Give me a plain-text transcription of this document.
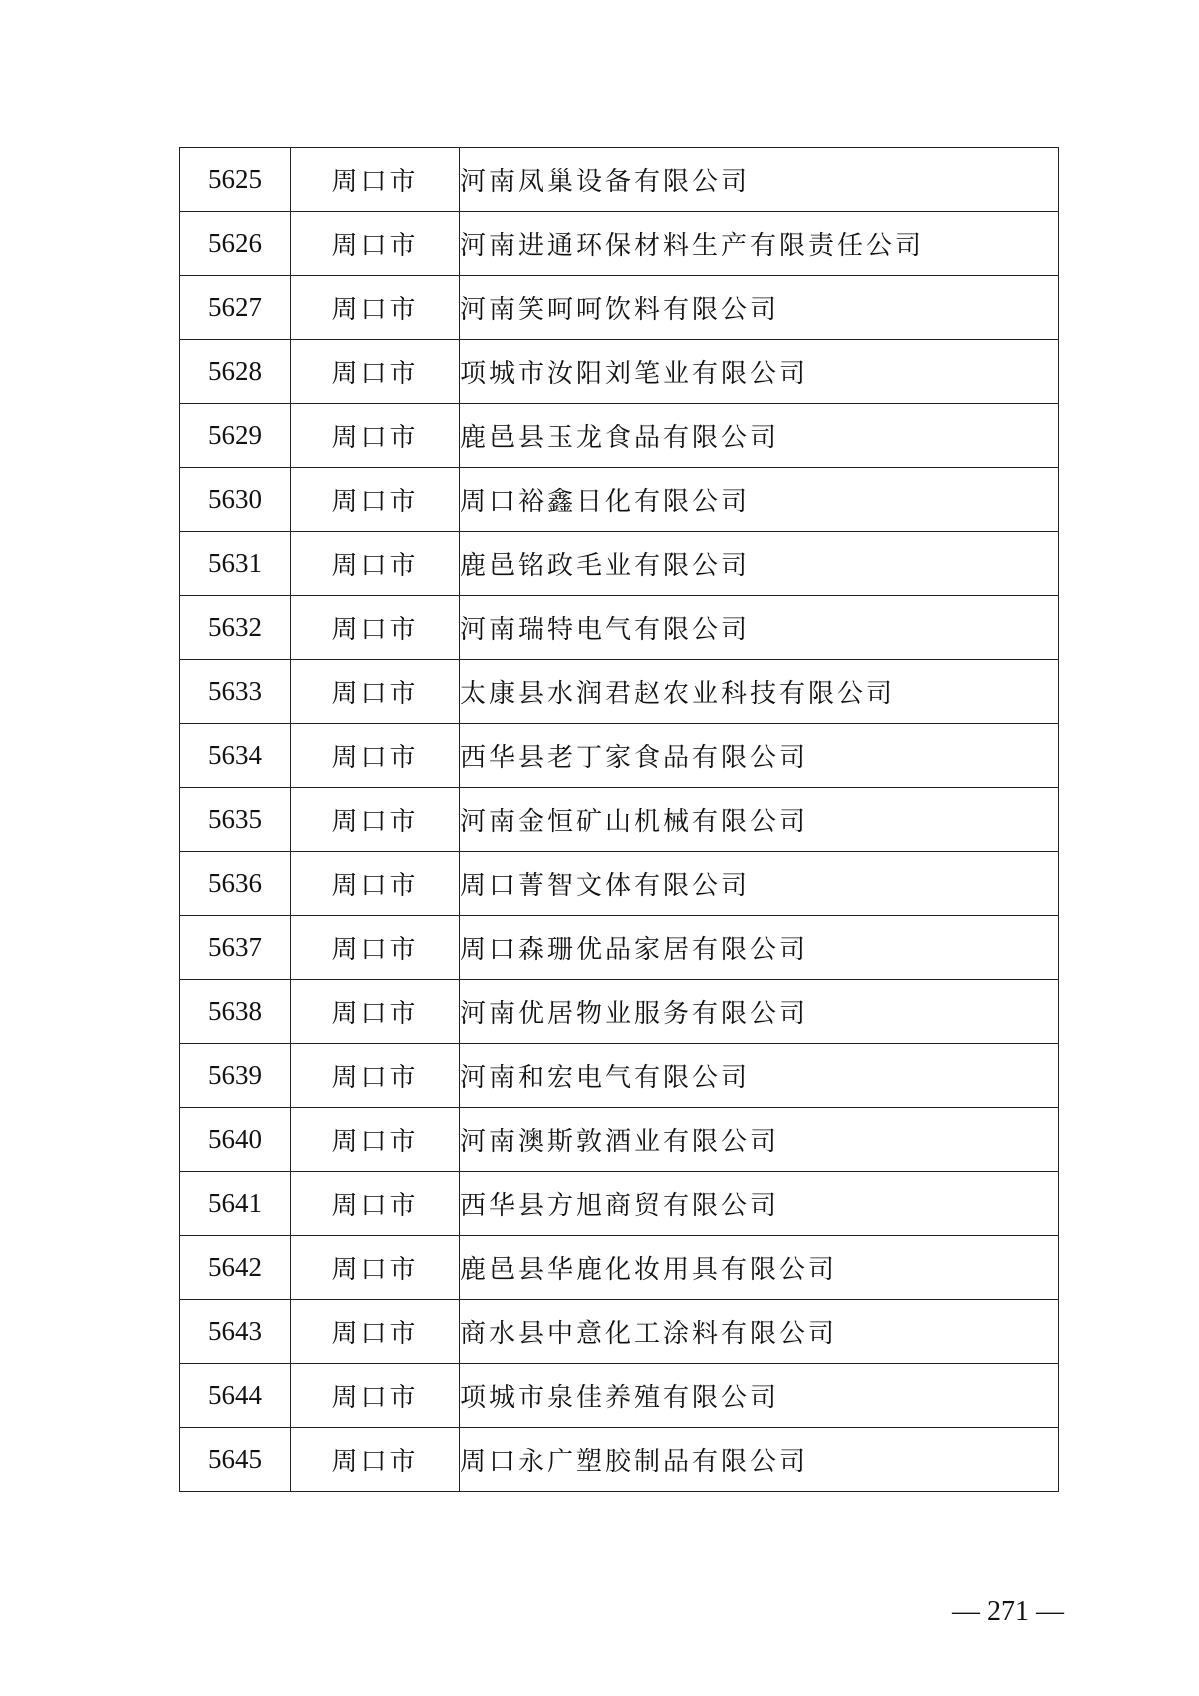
5625	周口市	河南凤巢设备有限公司
5626	周口市	河南进通环保材料生产有限责任公司
5627	周口市	河南笑呵呵饮料有限公司
5628	周口市	项城市汝阳刘笔业有限公司
5629	周口市	鹿邑县玉龙食品有限公司
5630	周口市	周口裕鑫日化有限公司
5631	周口市	鹿邑铭政毛业有限公司
5632	周口市	河南瑞特电气有限公司
5633	周口市	太康县水润君赵农业科技有限公司
5634	周口市	西华县老丁家食品有限公司
5635	周口市	河南金恒矿山机械有限公司
5636	周口市	周口菁智文体有限公司
5637	周口市	周口森珊优品家居有限公司
5638	周口市	河南优居物业服务有限公司
5639	周口市	河南和宏电气有限公司
5640	周口市	河南澳斯敦酒业有限公司
5641	周口市	西华县方旭商贸有限公司
5642	周口市	鹿邑县华鹿化妆用具有限公司
5643	周口市	商水县中意化工涂料有限公司
5644	周口市	项城市泉佳养殖有限公司
5645	周口市	周口永广塑胶制品有限公司
— 271 —
